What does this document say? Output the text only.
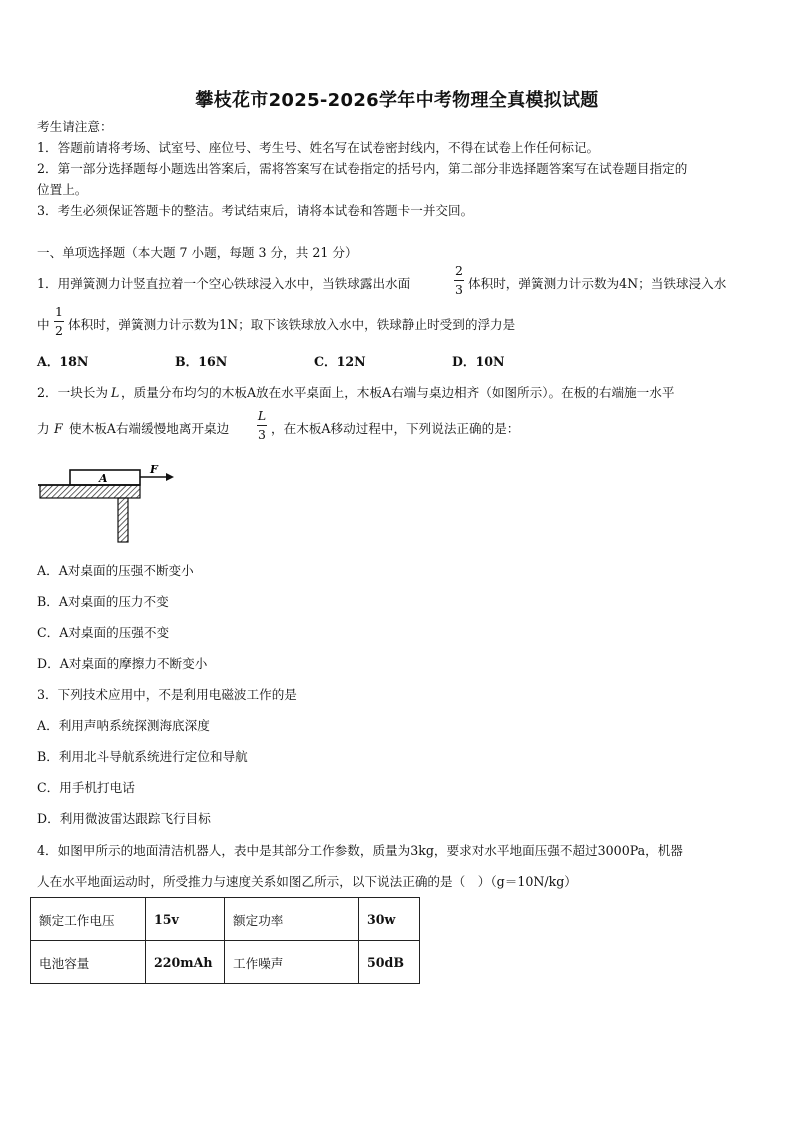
攀枝花市2025-2026学年中考物理全真模拟试题
考生请注意：
1．答题前请将考场、试室号、座位号、考生号、姓名写在试卷密封线内，不得在试卷上作任何标记。
2．第一部分选择题每小题选出答案后，需将答案写在试卷指定的括号内，第二部分非选择题答案写在试卷题目指定的
位置上。
3．考生必须保证答题卡的整洁。考试结束后，请将本试卷和答题卡一并交回。
一、单项选择题（本大题 7 小题，每题 3 分，共 21 分）
1．用弹簧测力计竖直拉着一个空心铁球浸入水中，当铁球露出水面
2
3 体积时，弹簧测力计示数为4N；当铁球浸入水
中
1
2 体积时，弹簧测力计示数为1N；取下该铁球放入水中，铁球静止时受到的浮力是
A．18N	B．16N	C．12N	D．10N
2．一块长为 L ，质量分布均匀的木板A放在水平桌面上，木板A右端与桌边相齐（如图所示）。在板的右端施一水平
力 F 使木板A右端缓慢地离开桌边
L
3 ，在木板A移动过程中，下列说法正确的是：
A
F
A．A对桌面的压强不断变小
B．A对桌面的压力不变
C．A对桌面的压强不变
D．A对桌面的摩擦力不断变小
3．下列技术应用中，不是利用电磁波工作的是
A．利用声呐系统探测海底深度
B．利用北斗导航系统进行定位和导航
C．用手机打电话
D．利用微波雷达跟踪飞行目标
4．如图甲所示的地面清洁机器人，表中是其部分工作参数，质量为3kg，要求对水平地面压强不超过3000Pa，机器
人在水平地面运动时，所受推力与速度关系如图乙所示，以下说法正确的是（　）（g＝10N/kg）
额定工作电压	15v	额定功率	30w
电池容量	220mAh	工作噪声	50dB
